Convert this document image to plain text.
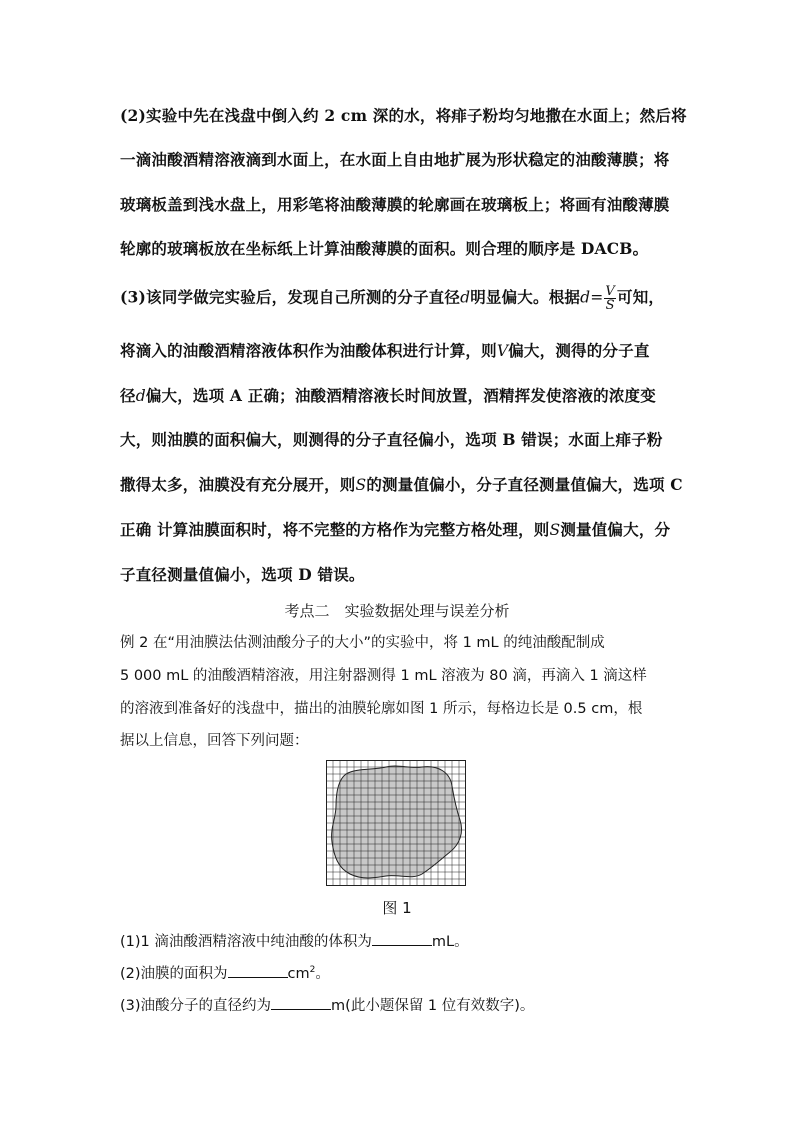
(2)实验中先在浅盘中倒入约 2 cm 深的水，将痱子粉均匀地撒在水面上；然后将
一滴油酸酒精溶液滴到水面上，在水面上自由地扩展为形状稳定的油酸薄膜；将
玻璃板盖到浅水盘上，用彩笔将油酸薄膜的轮廓画在玻璃板上；将画有油酸薄膜
轮廓的玻璃板放在坐标纸上计算油酸薄膜的面积。则合理的顺序是 DACB。
(3)该同学做完实验后，发现自己所测的分子直径d明显偏大。根据$d= \frac{V}{S}$ 可知，
将滴入的油酸酒精溶液体积作为油酸体积进行计算，则V偏大，测得的分子直
径d偏大，选项 A 正确；油酸酒精溶液长时间放置，酒精挥发使溶液的浓度变
大，则油膜的面积偏大，则测得的分子直径偏小，选项 B 错误；水面上痱子粉
撒得太多，油膜没有充分展开，则S的测量值偏小，分子直径测量值偏大，选项 C
正确 计算油膜面积时，将不完整的方格作为完整方格处理，则S测量值偏大，分
子直径测量值偏小，选项 D 错误。
考点二　实验数据处理与误差分析
例 2 在“用油膜法估测油酸分子的大小”的实验中，将 1 mL 的纯油酸配制成
5 000 mL 的油酸酒精溶液，用注射器测得 1 mL 溶液为 80 滴，再滴入 1 滴这样
的溶液到准备好的浅盘中，描出的油膜轮廓如图 1 所示，每格边长是 0.5 cm，根
据以上信息，回答下列问题：
图 1
(1)1 滴油酸酒精溶液中纯油酸的体积为	mL。
(2)油膜的面积为	$cm^2$。
(3)油酸分子的直径约为	m(此小题保留 1 位有效数字)。
